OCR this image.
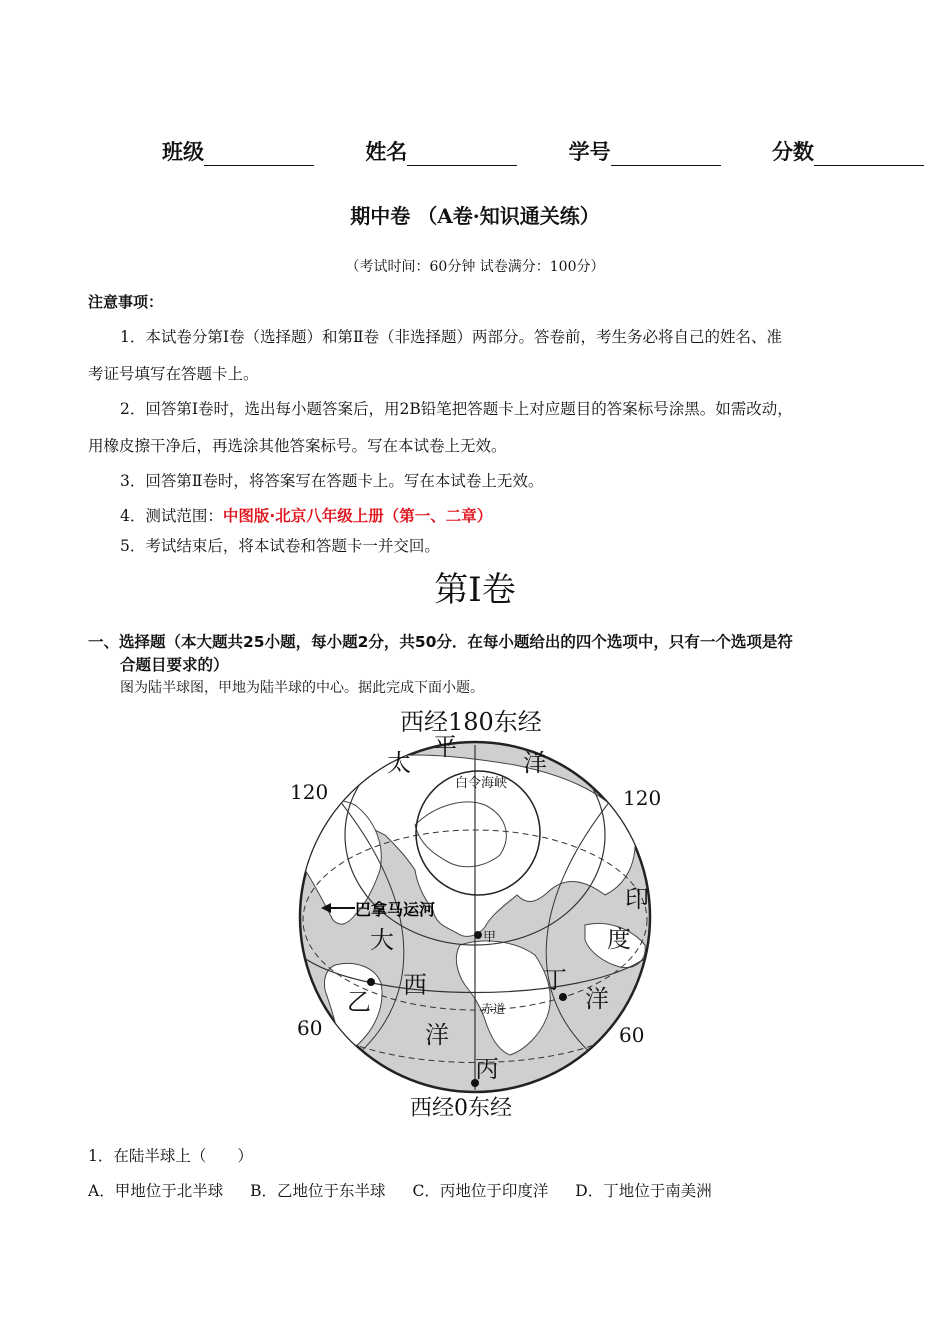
班级	姓名	学号	分数
期中卷 （A卷·知识通关练）
（考试时间：60分钟 试卷满分：100分）
注意事项：
1．本试卷分第Ⅰ卷（选择题）和第Ⅱ卷（非选择题）两部分。答卷前，考生务必将自己的姓名、准
考证号填写在答题卡上。
2．回答第Ⅰ卷时，选出每小题答案后，用2B铅笔把答题卡上对应题目的答案标号涂黑。如需改动，
用橡皮擦干净后，再选涂其他答案标号。写在本试卷上无效。
3．回答第Ⅱ卷时，将答案写在答题卡上。写在本试卷上无效。
4．测试范围：中图版·北京八年级上册（第一、二章）
5．考试结束后，将本试卷和答题卡一并交回。
第Ⅰ卷
一、选择题（本大题共25小题，每小题2分，共50分．在每小题给出的四个选项中，只有一个选项是符
合题目要求的）
图为陆半球图，甲地为陆半球的中心。据此完成下面小题。
西经180东经
西经0东经
120	120
60	60
太
平
洋
白令海峡
印
度
洋
巴拿马运河
大
西
洋
甲
乙
丙
丁
赤道
1．在陆半球上（　　）
A．甲地位于北半球 B．乙地位于东半球 C．丙地位于印度洋 D．丁地位于南美洲
